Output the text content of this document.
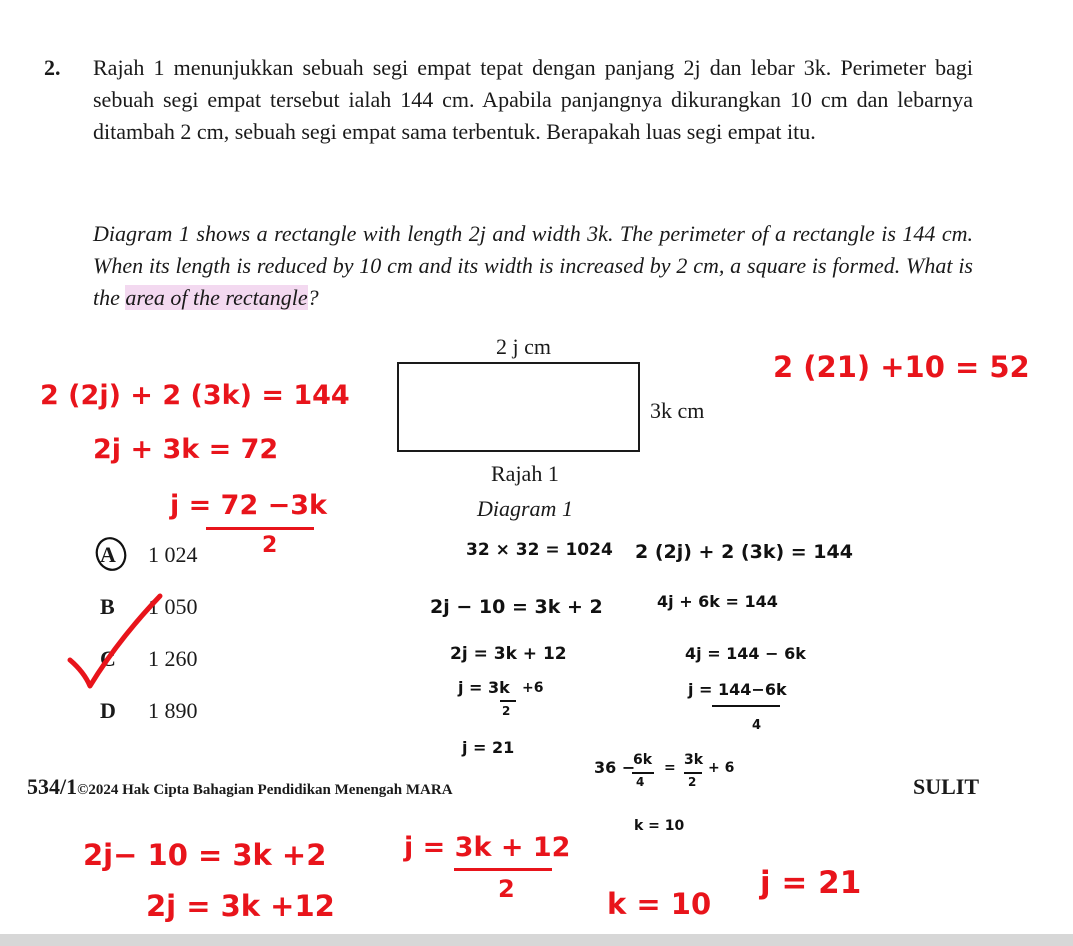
2. Rajah 1 menunjukkan sebuah segi empat tepat dengan panjang 2j dan lebar 3k. Perimeter bagi sebuah segi empat tersebut ialah 144 cm. Apabila panjangnya dikurangkan 10 cm dan lebarnya ditambah 2 cm, sebuah segi empat sama terbentuk. Berapakah luas segi empat itu.
Diagram 1 shows a rectangle with length 2j and width 3k. The perimeter of a rectangle is 144 cm. When its length is reduced by 10 cm and its width is increased by 2 cm, a square is formed. What is the area of the rectangle?
2 j cm
3k cm
Rajah 1
Diagram 1
A 1 024
B 1 050
C 1 260
D 1 890
534/1©2024 Hak Cipta Bahagian Pendidikan Menengah MARA	SULIT
2 (2j) + 2 (3k) = 144
2j + 3k = 72
j = 72 −3k
2
2 (21) +10 = 52
2j− 10 = 3k +2
2j = 3k +12
j = 3k + 12
2	k = 10
j = 21
32 × 32 = 1024
2j − 10 = 3k + 2
2j = 3k + 12
j = 3k
2
+6
j = 21
2 (2j) + 2 (3k) = 144
4j + 6k = 144
4j = 144 − 6k
j = 144−6k
4
36 −
6k
4
= 3k
2
+ 6
k = 10
